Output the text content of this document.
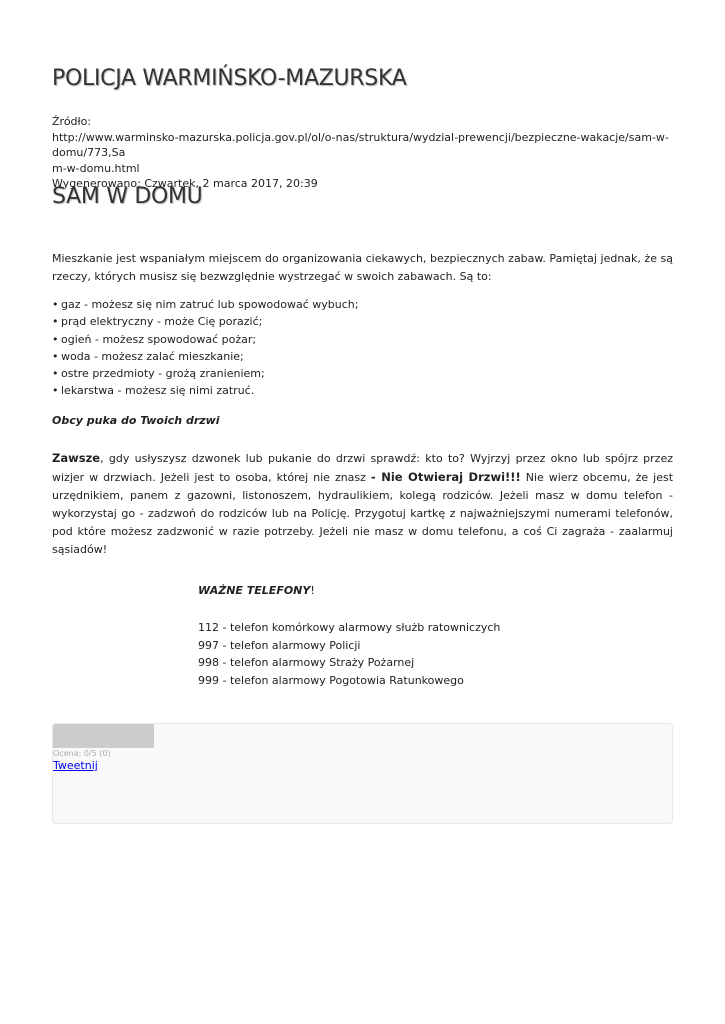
POLICJA WARMIŃSKO-MAZURSKA
Źródło:
http://www.warminsko-mazurska.policja.gov.pl/ol/o-nas/struktura/wydzial-prewencji/bezpieczne-wakacje/sam-w-domu/773,Sa
m-w-domu.html
Wygenerowano: Czwartek, 2 marca 2017, 20:39
SAM W DOMU

Mieszkanie jest wspaniałym miejscem do organizowania ciekawych, bezpiecznych zabaw. Pamiętaj jednak, że są rzeczy, których musisz się bezwzględnie wystrzegać w swoich zabawach. Są to:

• gaz - możesz się nim zatruć lub spowodować wybuch;
• prąd elektryczny - może Cię porazić;
• ogień - możesz spowodować pożar;
• woda - możesz zalać mieszkanie;
• ostre przedmioty - grożą zranieniem;
• lekarstwa - możesz się nimi zatruć.

Obcy puka do Twoich drzwi

Zawsze, gdy usłyszysz dzwonek lub pukanie do drzwi sprawdź: kto to? Wyjrzyj przez okno lub spójrz przez wizjer w drzwiach. Jeżeli jest to osoba, której nie znasz - Nie Otwieraj Drzwi!!! Nie wierz obcemu, że jest urzędnikiem, panem z gazowni, listonoszem, hydraulikiem, kolegą rodziców. Jeżeli masz w domu telefon - wykorzystaj go - zadzwoń do rodziców lub na Policję. Przygotuj kartkę z najważniejszymi numerami telefonów, pod które możesz zadzwonić w razie potrzeby. Jeżeli nie masz w domu telefonu, a coś Ci zagraża - zaalarmuj sąsiadów!

WAŻNE TELEFONY!

112 - telefon komórkowy alarmowy służb ratowniczych
997 - telefon alarmowy Policji
998 - telefon alarmowy Straży Pożarnej
999 - telefon alarmowy Pogotowia Ratunkowego
Ocena: 0/5 (0)
Tweetnij
